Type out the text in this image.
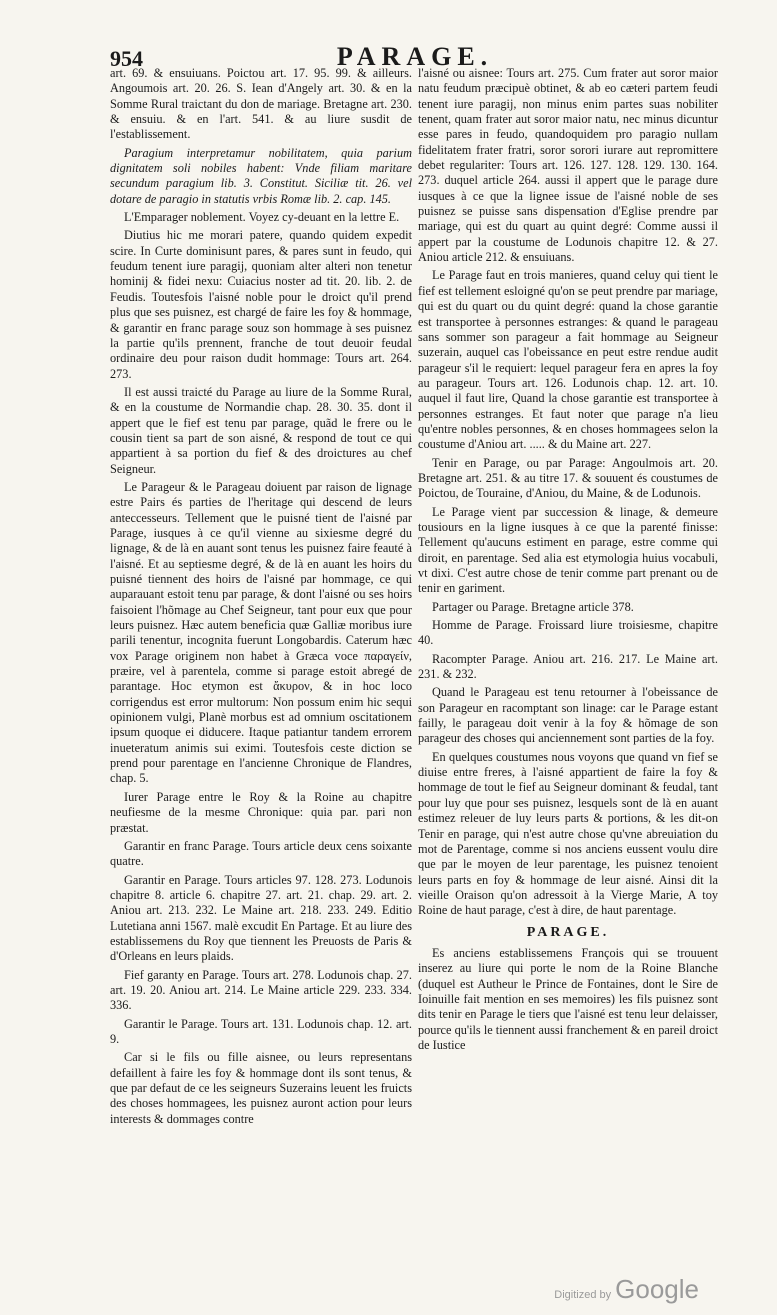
954	PARAGE.

art. 69. & ensuiuans. Poictou art. 17. 95. 99. & ailleurs. Angoumois art. 20. 26. S. Iean d'Angely art. 30. & en la Somme Rural traictant du don de mariage. Bretagne art. 230. & ensuiu. & en l'art. 541. & au liure susdit de l'establissement.

Paragium interpretamur nobilitatem, quia parium dignitatem soli nobiles habent: Vnde filiam maritare secundum paragium lib. 3. Constitut. Siciliæ tit. 26. vel dotare de paragio in statutis vrbis Romæ lib. 2. cap. 145.

L'Emparager noblement. Voyez cy-deuant en la lettre E.

Diutius hic me morari patere, quando quidem expedit scire. In Curte dominisunt pares, & pares sunt in feudo, qui feudum tenent iure paragij, quoniam alter alteri non tenetur hominij & fidei nexu: Cuiacius noster ad tit. 20. lib. 2. de Feudis. Toutesfois l'aisné noble pour le droict qu'il prend plus que ses puisnez, est chargé de faire les foy & hommage, & garantir en franc parage souz son hommage à ses puisnez la partie qu'ils prennent, franche de tout deuoir feudal ordinaire deu pour raison dudit hommage: Tours art. 264. 273.

Il est aussi traicté du Parage au liure de la Somme Rural, & en la coustume de Normandie chap. 28. 30. 35. dont il appert que le fief est tenu par parage, quãd le frere ou le cousin tient sa part de son aisné, & respond de tout ce qui appartient à sa portion du fief & des droictures au chef Seigneur.

Le Parageur & le Parageau doiuent par raison de lignage estre Pairs és parties de l'heritage qui descend de leurs anteccesseurs. Tellement que le puisné tient de l'aisné par Parage, iusques à ce qu'il vienne au sixiesme degré du lignage, & de là en auant sont tenus les puisnez faire feauté à l'aisné. Et au septiesme degré, & de là en auant les hoirs du puisné tiennent des hoirs de l'aisné par hommage, ce qui auparauant estoit tenu par parage, & dont l'aisné ou ses hoirs faisoient l'hõmage au Chef Seigneur, tant pour eux que pour leurs puisnez. Hæc autem beneficia quæ Galliæ moribus iure parili tenentur, incognita fuerunt Longobardis. Caterum hæc vox Parage originem non habet à Græca voce παραγείν, præire, vel à parentela, comme si parage estoit abregé de parantage. Hoc etymon est ἄκυρον, & in hoc loco corrigendus est error multorum: Non possum enim hic sequi opinionem vulgi, Planè morbus est ad omnium oscitationem ipsum quoque ei diducere. Itaque patiantur tandem errorem inueteratum animis sui eximi. Toutesfois ceste diction se prend pour parentage en l'ancienne Chronique de Flandres, chap. 5.

Iurer Parage entre le Roy & la Roine au chapitre neufiesme de la mesme Chronique: quia par. pari non præstat.

Garantir en franc Parage. Tours article deux cens soixante quatre.

Garantir en Parage. Tours articles 97. 128. 273. Lodunois chapitre 8. article 6. chapitre 27. art. 21. chap. 29. art. 2. Aniou art. 213. 232. Le Maine art. 218. 233. 249. Editio Lutetiana anni 1567. malè excudit En Partage. Et au liure des establissemens du Roy que tiennent les Preuosts de Paris & d'Orleans en leurs plaids.

Fief garanty en Parage. Tours art. 278. Lodunois chap. 27. art. 19. 20. Aniou art. 214. Le Maine article 229. 233. 334. 336.

Garantir le Parage. Tours art. 131. Lodunois chap. 12. art. 9.

Car si le fils ou fille aisnee, ou leurs representans defaillent à faire les foy & hommage dont ils sont tenus, & que par defaut de ce les seigneurs Suzerains leuent les fruicts des choses hommagees, les puisnez auront action pour leurs interests & dommages contre

l'aisné ou aisnee: Tours art. 275. Cum frater aut soror maior natu feudum præcipuè obtinet, & ab eo cæteri partem feudi tenent iure paragij, non minus enim partes suas nobiliter tenent, quam frater aut soror maior natu, nec minus dicuntur esse pares in feudo, quandoquidem pro paragio nullam fidelitatem frater fratri, soror sorori iurare aut repromittere debet regulariter: Tours art. 126. 127. 128. 129. 130. 164. 273. duquel article 264. aussi il appert que le parage dure iusques à ce que la lignee issue de l'aisné noble de ses puisnez se puisse sans dispensation d'Eglise prendre par mariage, qui est du quart au quint degré: Comme aussi il appert par la coustume de Lodunois chapitre 12. & 27. Aniou article 212. & ensuiuans.

Le Parage faut en trois manieres, quand celuy qui tient le fief est tellement esloigné qu'on se peut prendre par mariage, qui est du quart ou du quint degré: quand la chose garantie est transportee à personnes estranges: & quand le parageau sans sommer son parageur a fait hommage au Seigneur suzerain, auquel cas l'obeissance en peut estre rendue audit parageur s'il le requiert: lequel parageur fera en apres la foy au parageur. Tours art. 126. Lodunois chap. 12. art. 10. auquel il faut lire, Quand la chose garantie est transportee à personnes estranges. Et faut noter que parage n'a lieu qu'entre nobles personnes, & en choses hommagees selon la coustume d'Aniou art. ..... & du Maine art. 227.

Tenir en Parage, ou par Parage: Angoulmois art. 20. Bretagne art. 251. & au titre 17. & souuent és coustumes de Poictou, de Touraine, d'Aniou, du Maine, & de Lodunois.

Le Parage vient par succession & linage, & demeure tousiours en la ligne iusques à ce que la parenté finisse: Tellement qu'aucuns estiment en parage, estre comme qui diroit, en parentage. Sed alia est etymologia huius vocabuli, vt dixi. C'est autre chose de tenir comme part prenant ou de tenir en gariment.

Partager ou Parage. Bretagne article 378.

Homme de Parage. Froissard liure troisiesme, chapitre 40.

Racompter Parage. Aniou art. 216. 217. Le Maine art. 231. & 232.

Quand le Parageau est tenu retourner à l'obeissance de son Parageur en racomptant son linage: car le Parage estant failly, le parageau doit venir à la foy & hõmage de son parageur des choses qui anciennement sont parties de la foy.

En quelques coustumes nous voyons que quand vn fief se diuise entre freres, à l'aisné appartient de faire la foy & hommage de tout le fief au Seigneur dominant & feudal, tant pour luy que pour ses puisnez, lesquels sont de là en auant estimez releuer de luy leurs parts & portions, & les dit-on Tenir en parage, qui n'est autre chose qu'vne abreuiation du mot de Parentage, comme si nos anciens eussent voulu dire que par le moyen de leur parentage, les puisnez tenoient leurs parts en foy & hommage de leur aisné. Ainsi dit la vieille Oraison qu'on adressoit à la Vierge Marie, A toy Roine de haut parage, c'est à dire, de haut parentage.

PARAGE.

Es anciens establissemens François qui se trouuent inserez au liure qui porte le nom de la Roine Blanche (duquel est Autheur le Prince de Fontaines, dont le Sire de Ioinuille fait mention en ses memoires) les fils puisnez sont dits tenir en Parage le tiers que l'aisné est tenu leur delaisser, pource qu'ils le tiennent aussi franchement & en pareil droict de Iustice

Digitized by Google
